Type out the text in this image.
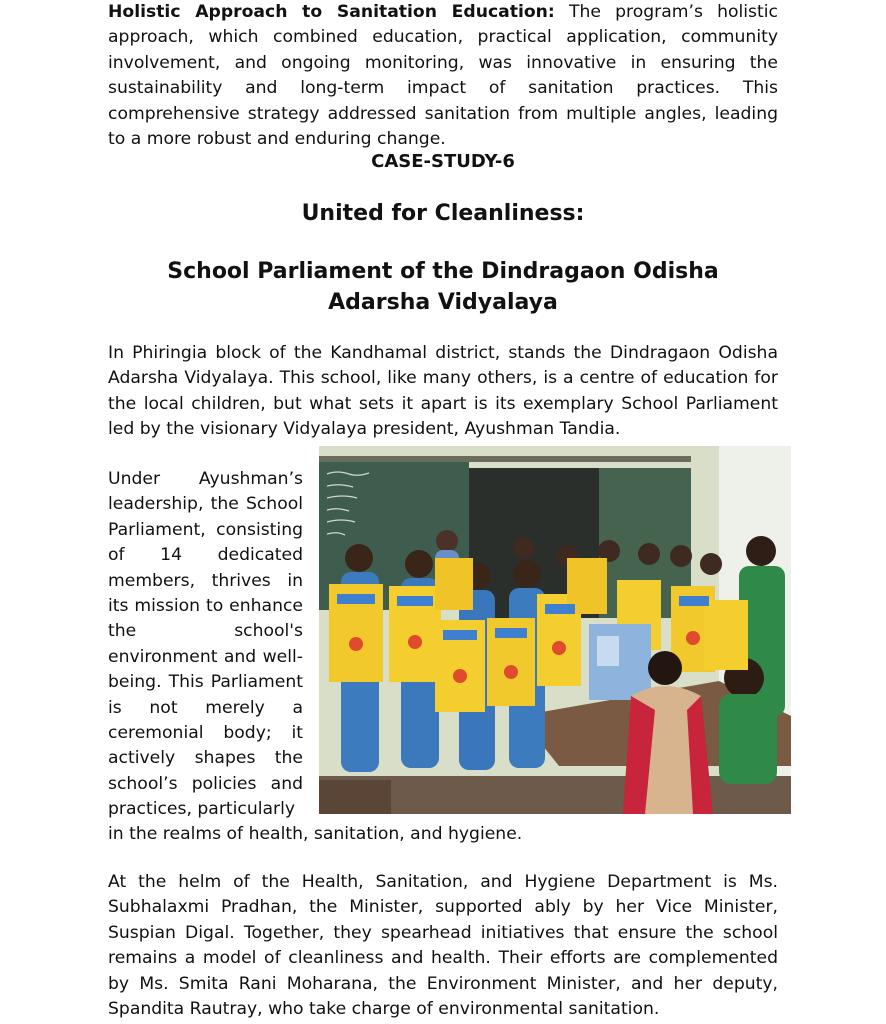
Holistic Approach to Sanitation Education: The program’s holistic approach, which combined education, practical application, community involvement, and ongoing monitoring, was innovative in ensuring the sustainability and long-term impact of sanitation practices. This comprehensive strategy addressed sanitation from multiple angles, leading to a more robust and enduring change.

CASE-STUDY-6
United for Cleanliness:
School Parliament of the Dindragaon Odisha Adarsha Vidyalaya

In Phiringia block of the Kandhamal district, stands the Dindragaon Odisha Adarsha Vidyalaya. This school, like many others, is a centre of education for the local children, but what sets it apart is its exemplary School Parliament led by the visionary Vidyalaya president, Ayushman Tandia.

Under Ayushman’s leadership, the School Parliament, consisting of 14 dedicated members, thrives in its mission to enhance the school's environment and well-being. This Parliament is not merely a ceremonial body; it actively shapes the school’s policies and practices, particularly

in the realms of health, sanitation, and hygiene.

At the helm of the Health, Sanitation, and Hygiene Department is Ms. Subhalaxmi Pradhan, the Minister, supported ably by her Vice Minister, Suspian Digal. Together, they spearhead initiatives that ensure the school remains a model of cleanliness and health. Their efforts are complemented by Ms. Smita Rani Moharana, the Environment Minister, and her deputy, Spandita Rautray, who take charge of environmental sanitation.
